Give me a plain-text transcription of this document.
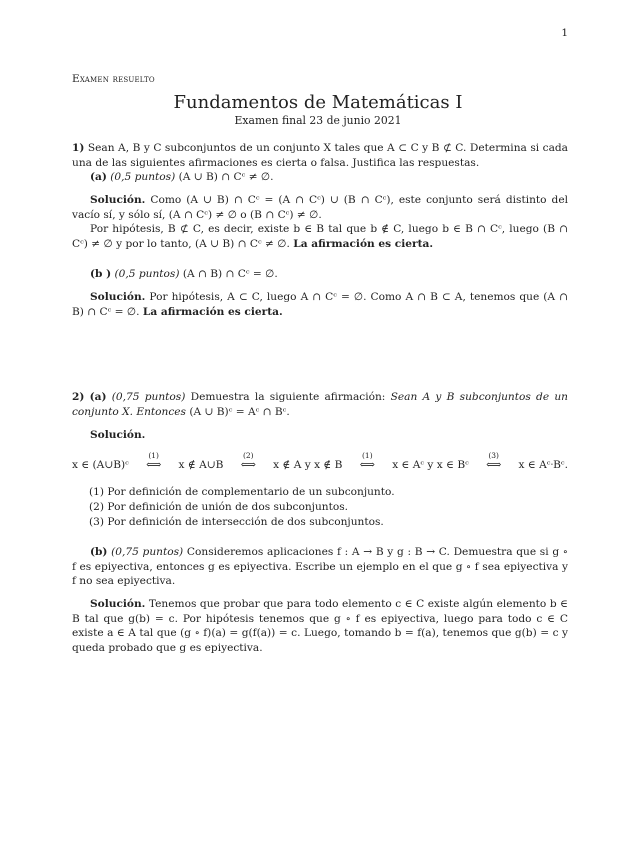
1
Examen resuelto
Fundamentos de Matemáticas I
Examen final 23 de junio 2021
1) Sean A, B y C subconjuntos de un conjunto X tales que A ⊂ C y B ⊄ C. Determina si cada una de las siguientes afirmaciones es cierta o falsa. Justifica las respuestas.
(a) (0,5 puntos) (A ∪ B) ∩ Cᶜ ≠ ∅.
Solución. Como (A ∪ B) ∩ Cᶜ = (A ∩ Cᶜ) ∪ (B ∩ Cᶜ), este conjunto será distinto del vacío sí, y sólo sí, (A ∩ Cᶜ) ≠ ∅ o (B ∩ Cᶜ) ≠ ∅.
Por hipótesis, B ⊄ C, es decir, existe b ∈ B tal que b ∉ C, luego b ∈ B ∩ Cᶜ, luego (B ∩ Cᶜ) ≠ ∅ y por lo tanto, (A ∪ B) ∩ Cᶜ ≠ ∅. La afirmación es cierta.
(b ) (0,5 puntos) (A ∩ B) ∩ Cᶜ = ∅.
Solución. Por hipótesis, A ⊂ C, luego A ∩ Cᶜ = ∅. Como A ∩ B ⊂ A, tenemos que (A ∩ B) ∩ Cᶜ = ∅. La afirmación es cierta.
2) (a) (0,75 puntos) Demuestra la siguiente afirmación: Sean A y B subconjuntos de un conjunto X. Entonces (A ∪ B)ᶜ = Aᶜ ∩ Bᶜ.
Solución.
x ∈ (A∪B)ᶜ
(1)
⟺ x ∉ A∪B
(2)
⟺ x ∉ A y x ∉ B
(1)
⟺ x ∈ Aᶜ y x ∈ Bᶜ
(3)
⟺ x ∈ AᶜᐧBᶜ.
(1) Por definición de complementario de un subconjunto.
(2) Por definición de unión de dos subconjuntos.
(3) Por definición de intersección de dos subconjuntos.
(b) (0,75 puntos) Consideremos aplicaciones f : A → B y g : B → C. Demuestra que si g ∘ f es epiyectiva, entonces g es epiyectiva. Escribe un ejemplo en el que g ∘ f sea epiyectiva y f no sea epiyectiva.
Solución. Tenemos que probar que para todo elemento c ∈ C existe algún elemento b ∈ B tal que g(b) = c. Por hipótesis tenemos que g ∘ f es epiyectiva, luego para todo c ∈ C existe a ∈ A tal que (g ∘ f)(a) = g(f(a)) = c. Luego, tomando b = f(a), tenemos que g(b) = c y queda probado que g es epiyectiva.
